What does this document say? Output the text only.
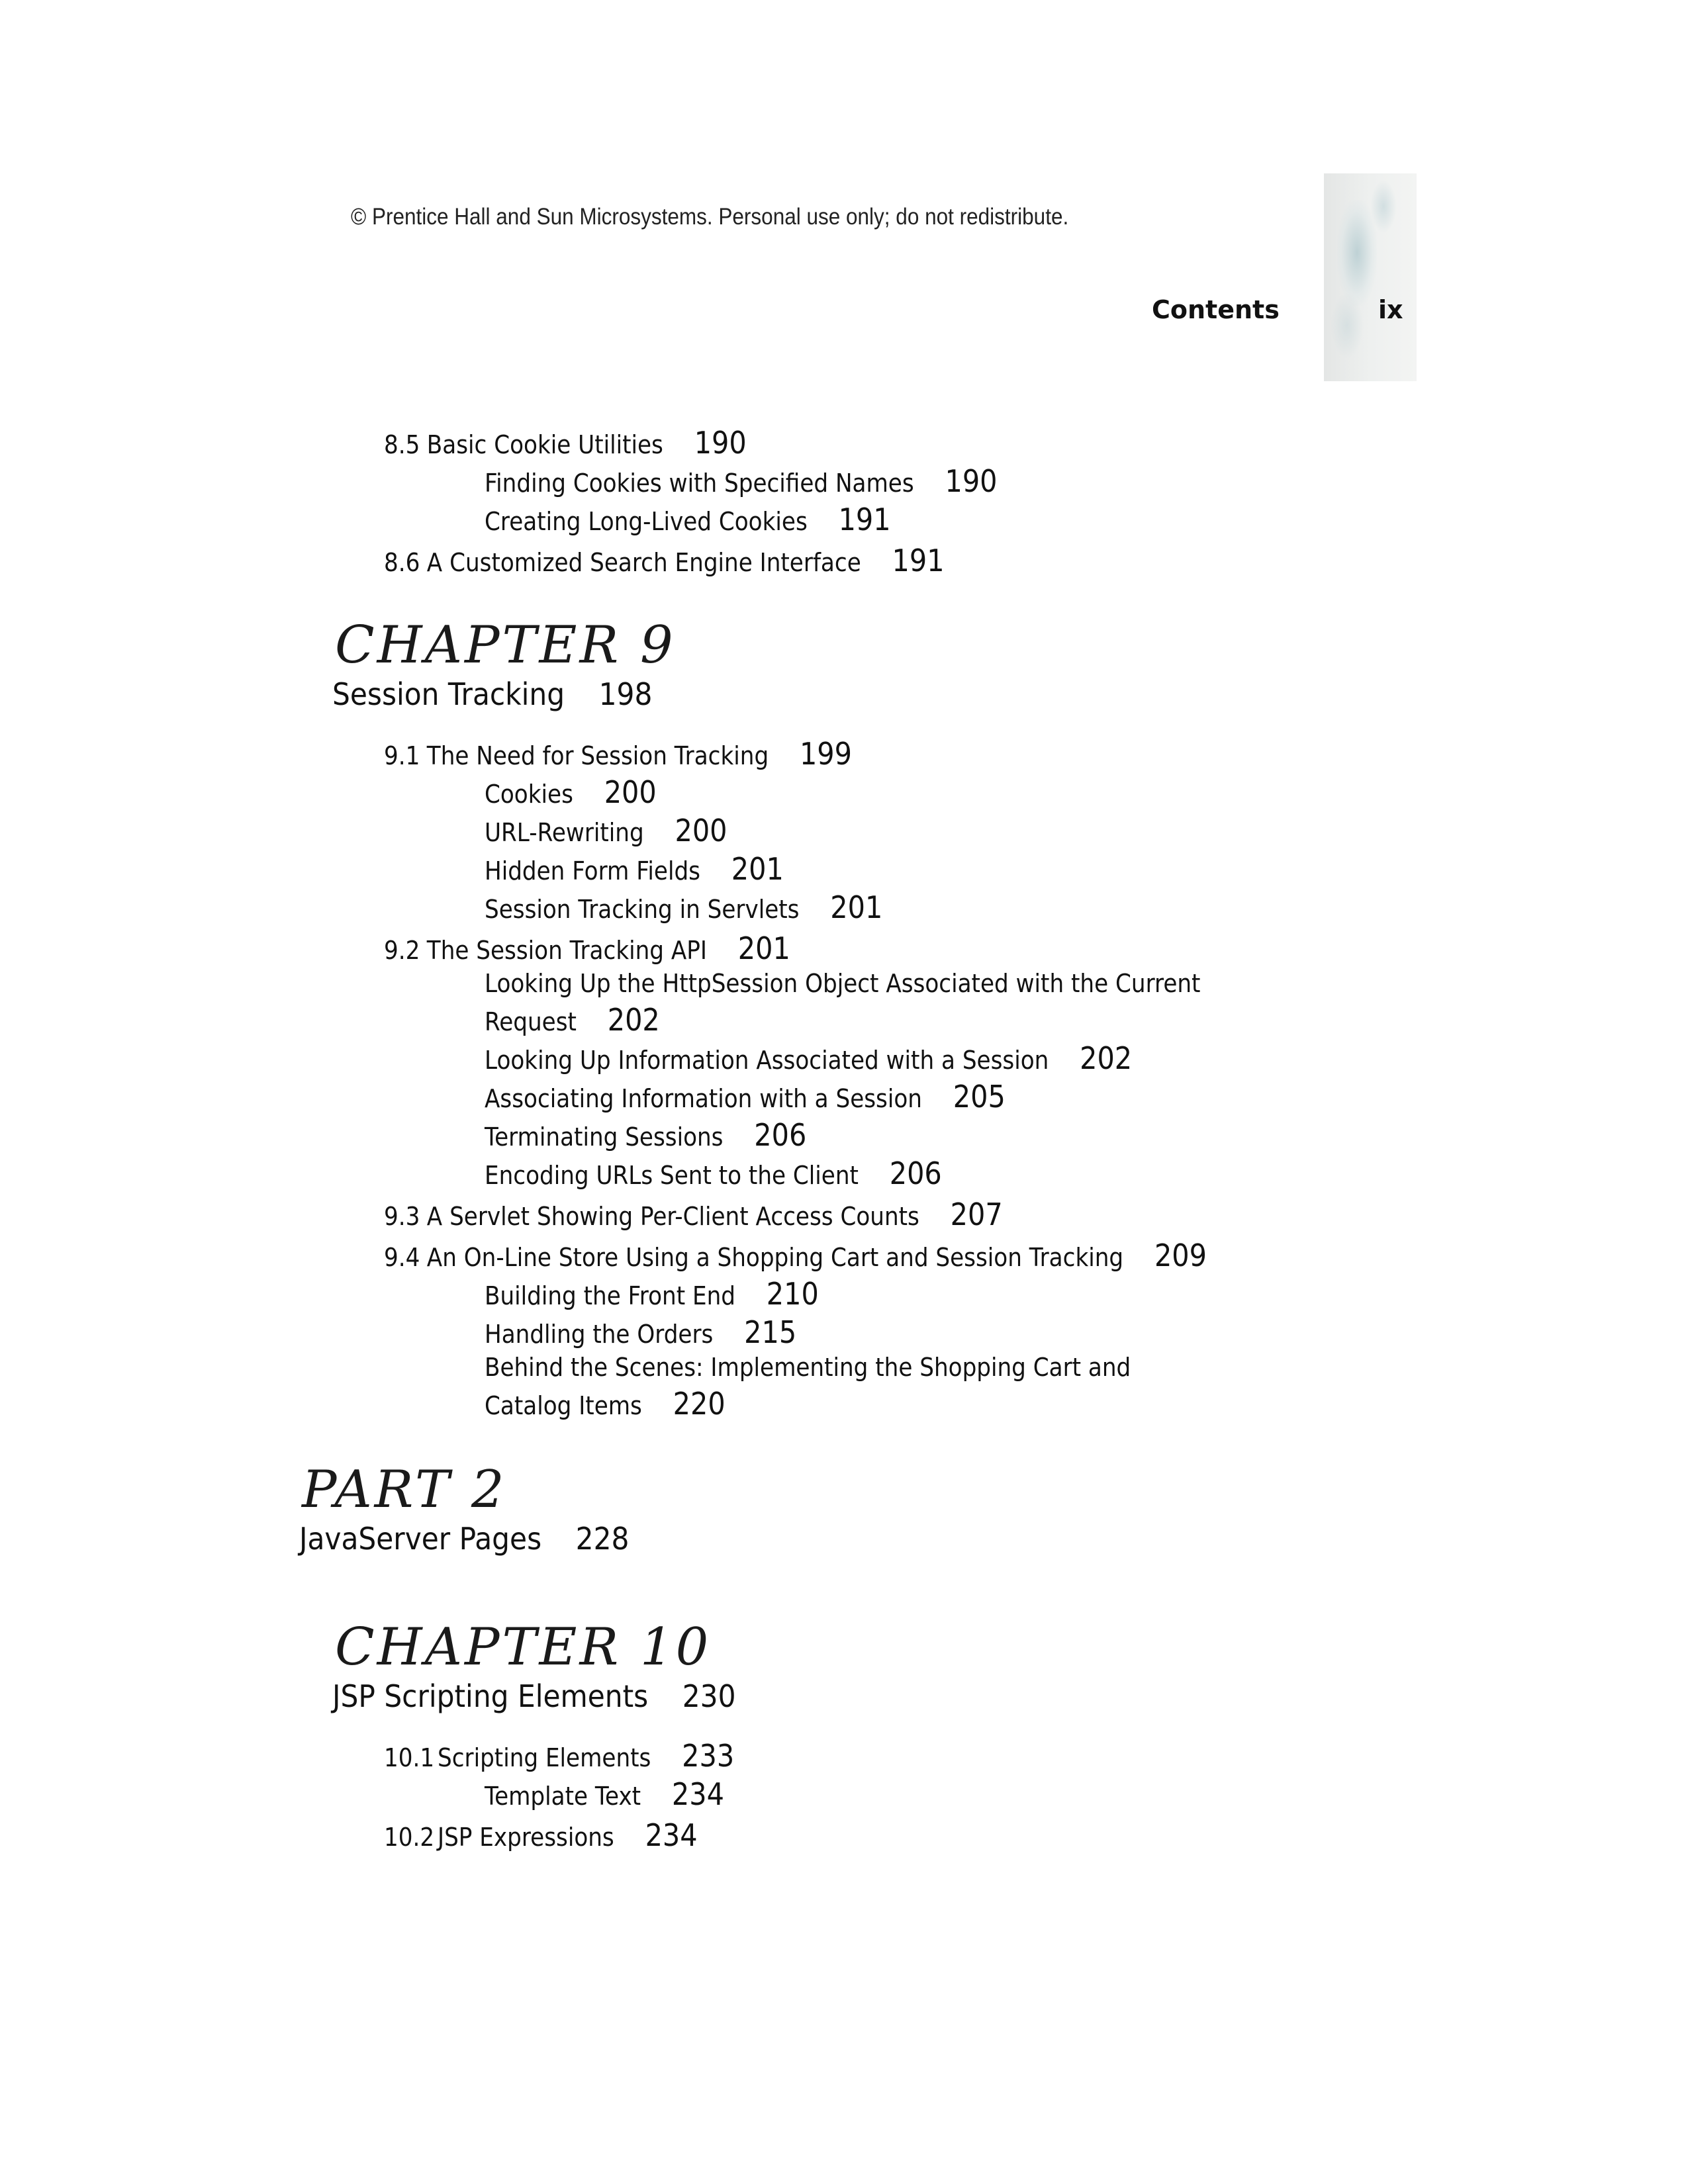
© Prentice Hall and Sun Microsystems. Personal use only; do not redistribute.
Contents	ix
8.5 Basic Cookie Utilities 190
Finding Cookies with Specified Names 190
Creating Long-Lived Cookies 191
8.6 A Customized Search Engine Interface 191
CHAPTER 9
Session Tracking 198
9.1 The Need for Session Tracking 199
Cookies 200
URL-Rewriting 200
Hidden Form Fields 201
Session Tracking in Servlets 201
9.2 The Session Tracking API 201
Looking Up the HttpSession Object Associated with the Current
Request 202
Looking Up Information Associated with a Session 202
Associating Information with a Session 205
Terminating Sessions 206
Encoding URLs Sent to the Client 206
9.3 A Servlet Showing Per-Client Access Counts 207
9.4 An On-Line Store Using a Shopping Cart and Session Tracking 209
Building the Front End 210
Handling the Orders 215
Behind the Scenes: Implementing the Shopping Cart and
Catalog Items 220
PART 2
JavaServer Pages 228
CHAPTER 10
JSP Scripting Elements 230
10.1 Scripting Elements 233
Template Text 234
10.2 JSP Expressions 234
